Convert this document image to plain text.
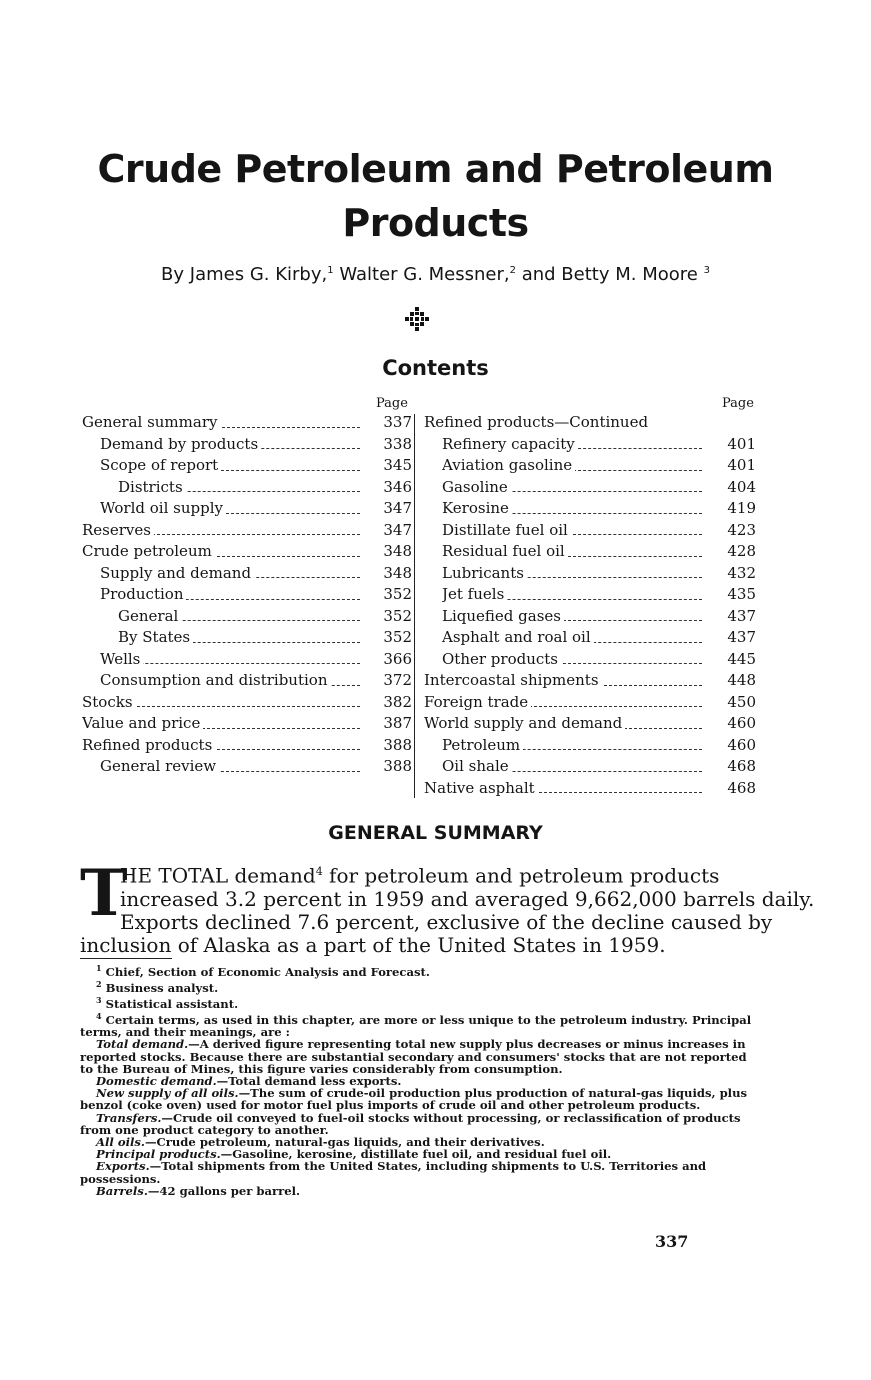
Crude Petroleum and Petroleum
Products
By James G. Kirby,$^1$ Walter G. Messner,$^2$ and Betty M. Moore $^3$
Contents
Page	Page
General summary	337
Demand by products	338
Scope of report	345
Districts	346
World oil supply	347
Reserves	347
Crude petroleum	348
Supply and demand	348
Production	352
General	352
By States	352
Wells	366
Consumption and distribution	372
Stocks	382
Value and price	387
Refined products	388
General review	388
Refined products—Continued
Refinery capacity	401
Aviation gasoline	401
Gasoline	404
Kerosine	419
Distillate fuel oil	423
Residual fuel oil	428
Lubricants	432
Jet fuels	435
Liquefied gases	437
Asphalt and roal oil	437
Other products	445
Intercoastal shipments	448
Foreign trade	450
World supply and demand	460
Petroleum	460
Oil shale	468
Native asphalt	468
GENERAL SUMMARY
T
HE TOTAL demand$^4$ for petroleum and petroleum products
increased 3.2 percent in 1959 and averaged 9,662,000 barrels daily.
Exports declined 7.6 percent, exclusive of the decline caused by
inclusion of Alaska as a part of the United States in 1959.
$^1$ Chief, Section of Economic Analysis and Forecast.
$^2$ Business analyst.
$^3$ Statistical assistant.
$^4$ Certain terms, as used in this chapter, are more or less unique to the petroleum industry. Principal terms, and their meanings, are :
Total demand.—A derived figure representing total new supply plus decreases or minus increases in reported stocks. Because there are substantial secondary and consumers' stocks that are not reported to the Bureau of Mines, this figure varies considerably from consumption.
Domestic demand.—Total demand less exports.
New supply of all oils.—The sum of crude-oil production plus production of natural-gas liquids, plus benzol (coke oven) used for motor fuel plus imports of crude oil and other petroleum products.
Transfers.—Crude oil conveyed to fuel-oil stocks without processing, or reclassification of products from one product category to another.
All oils.—Crude petroleum, natural-gas liquids, and their derivatives.
Principal products.—Gasoline, kerosine, distillate fuel oil, and residual fuel oil.
Exports.—Total shipments from the United States, including shipments to U.S. Territories and possessions.
Barrels.—42 gallons per barrel.
337
